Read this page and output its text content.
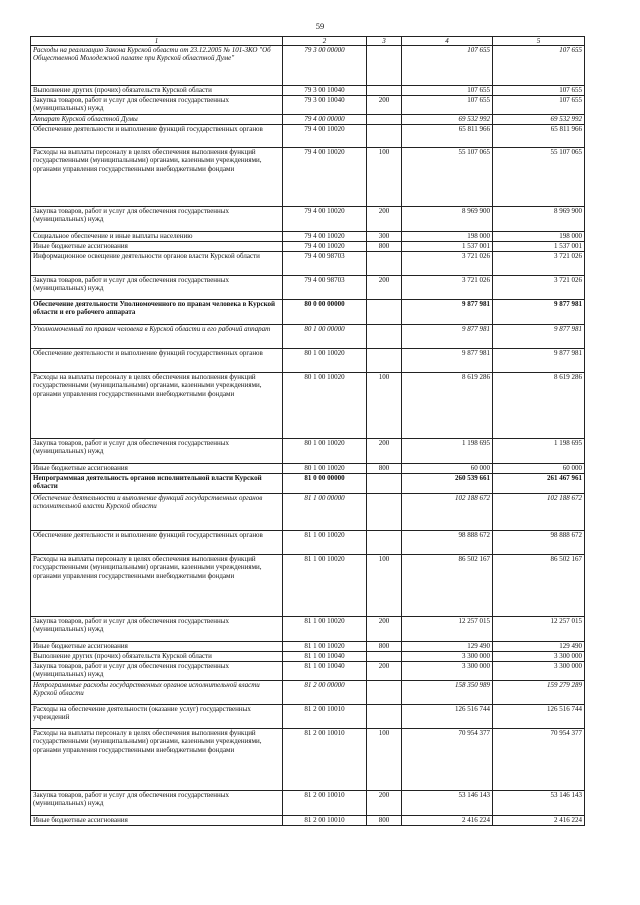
59
1	2	3	4	5
Расходы на реализацию Закона Курской области от 23.12.2005 № 101-ЗКО "Об Общественной Молодежной палате при Курской областной Думе"	79 3 00 00000		107 655	107 655
Выполнение других (прочих) обязательств Курской области	79 3 00 10040		107 655	107 655
Закупка товаров, работ и услуг для обеспечения государственных (муниципальных) нужд	79 3 00 10040	200	107 655	107 655
Аппарат Курской областной Думы	79 4 00 00000		69 532 992	69 532 992
Обеспечение деятельности и выполнение функций государственных органов	79 4 00 10020		65 811 966	65 811 966
Расходы на выплаты персоналу в целях обеспечения выполнения функций государственными (муниципальными) органами, казенными учреждениями, органами управления государственными внебюджетными фондами	79 4 00 10020	100	55 107 065	55 107 065
Закупка товаров, работ и услуг для обеспечения государственных (муниципальных) нужд	79 4 00 10020	200	8 969 900	8 969 900
Социальное обеспечение и иные выплаты населению	79 4 00 10020	300	198 000	198 000
Иные бюджетные ассигнования	79 4 00 10020	800	1 537 001	1 537 001
Информационное освещение деятельности органов власти Курской области	79 4 00 98703		3 721 026	3 721 026
Закупка товаров, работ и услуг для обеспечения государственных (муниципальных) нужд	79 4 00 98703	200	3 721 026	3 721 026
Обеспечение деятельности Уполномоченного по правам человека в Курской области и его рабочего аппарата	80 0 00 00000		9 877 981	9 877 981
Уполномоченный по правам человека в Курской области и его рабочий аппарат	80 1 00 00000		9 877 981	9 877 981
Обеспечение деятельности и выполнение функций государственных органов	80 1 00 10020		9 877 981	9 877 981
Расходы на выплаты персоналу в целях обеспечения выполнения функций государственными (муниципальными) органами, казенными учреждениями, органами управления государственными внебюджетными фондами	80 1 00 10020	100	8 619 286	8 619 286
Закупка товаров, работ и услуг для обеспечения государственных (муниципальных) нужд	80 1 00 10020	200	1 198 695	1 198 695
Иные бюджетные ассигнования	80 1 00 10020	800	60 000	60 000
Непрограммная деятельность органов исполнительной власти Курской области	81 0 00 00000		260 539 661	261 467 961
Обеспечение деятельности и выполнение функций государственных органов исполнительной власти Курской области	81 1 00 00000		102 188 672	102 188 672
Обеспечение деятельности и выполнение функций государственных органов	81 1 00 10020		98 888 672	98 888 672
Расходы на выплаты персоналу в целях обеспечения выполнения функций государственными (муниципальными) органами, казенными учреждениями, органами управления государственными внебюджетными фондами	81 1 00 10020	100	86 502 167	86 502 167
Закупка товаров, работ и услуг для обеспечения государственных (муниципальных) нужд	81 1 00 10020	200	12 257 015	12 257 015
Иные бюджетные ассигнования	81 1 00 10020	800	129 490	129 490
Выполнение других (прочих) обязательств Курской области	81 1 00 10040		3 300 000	3 300 000
Закупка товаров, работ и услуг для обеспечения государственных (муниципальных) нужд	81 1 00 10040	200	3 300 000	3 300 000
Непрограммные расходы государственных органов исполнительной власти Курской области	81 2 00 00000		158 350 989	159 279 289
Расходы на обеспечение деятельности (оказание услуг) государственных учреждений	81 2 00 10010		126 516 744	126 516 744
Расходы на выплаты персоналу в целях обеспечения выполнения функций государственными (муниципальными) органами, казенными учреждениями, органами управления государственными внебюджетными фондами	81 2 00 10010	100	70 954 377	70 954 377
Закупка товаров, работ и услуг для обеспечения государственных (муниципальных) нужд	81 2 00 10010	200	53 146 143	53 146 143
Иные бюджетные ассигнования	81 2 00 10010	800	2 416 224	2 416 224
